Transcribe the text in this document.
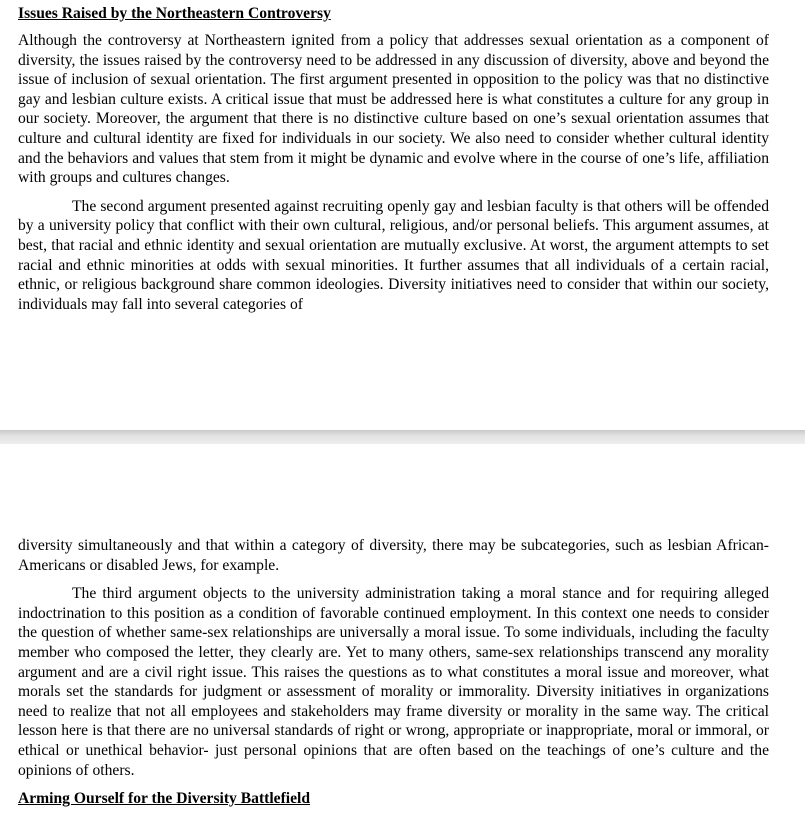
Issues Raised by the Northeastern Controversy

Although the controversy at Northeastern ignited from a policy that addresses sexual orientation as a component of diversity, the issues raised by the controversy need to be addressed in any discussion of diversity, above and beyond the issue of inclusion of sexual orientation. The first argument presented in opposition to the policy was that no distinctive gay and lesbian culture exists. A critical issue that must be addressed here is what constitutes a culture for any group in our society. Moreover, the argument that there is no distinctive culture based on one’s sexual orientation assumes that culture and cultural identity are fixed for individuals in our society. We also need to consider whether cultural identity and the behaviors and values that stem from it might be dynamic and evolve where in the course of one’s life, affiliation with groups and cultures changes.

The second argument presented against recruiting openly gay and lesbian faculty is that others will be offended by a university policy that conflict with their own cultural, religious, and/or personal beliefs. This argument assumes, at best, that racial and ethnic identity and sexual orientation are mutually exclusive. At worst, the argument attempts to set racial and ethnic minorities at odds with sexual minorities. It further assumes that all individuals of a certain racial, ethnic, or religious background share common ideologies. Diversity initiatives need to consider that within our society, individuals may fall into several categories of

diversity simultaneously and that within a category of diversity, there may be subcategories, such as lesbian African-Americans or disabled Jews, for example.

The third argument objects to the university administration taking a moral stance and for requiring alleged indoctrination to this position as a condition of favorable continued employment. In this context one needs to consider the question of whether same-sex relationships are universally a moral issue. To some individuals, including the faculty member who composed the letter, they clearly are. Yet to many others, same-sex relationships transcend any morality argument and are a civil right issue. This raises the questions as to what constitutes a moral issue and moreover, what morals set the standards for judgment or assessment of morality or immorality. Diversity initiatives in organizations need to realize that not all employees and stakeholders may frame diversity or morality in the same way. The critical lesson here is that there are no universal standards of right or wrong, appropriate or inappropriate, moral or immoral, or ethical or unethical behavior- just personal opinions that are often based on the teachings of one’s culture and the opinions of others.

Arming Ourself for the Diversity Battlefield
